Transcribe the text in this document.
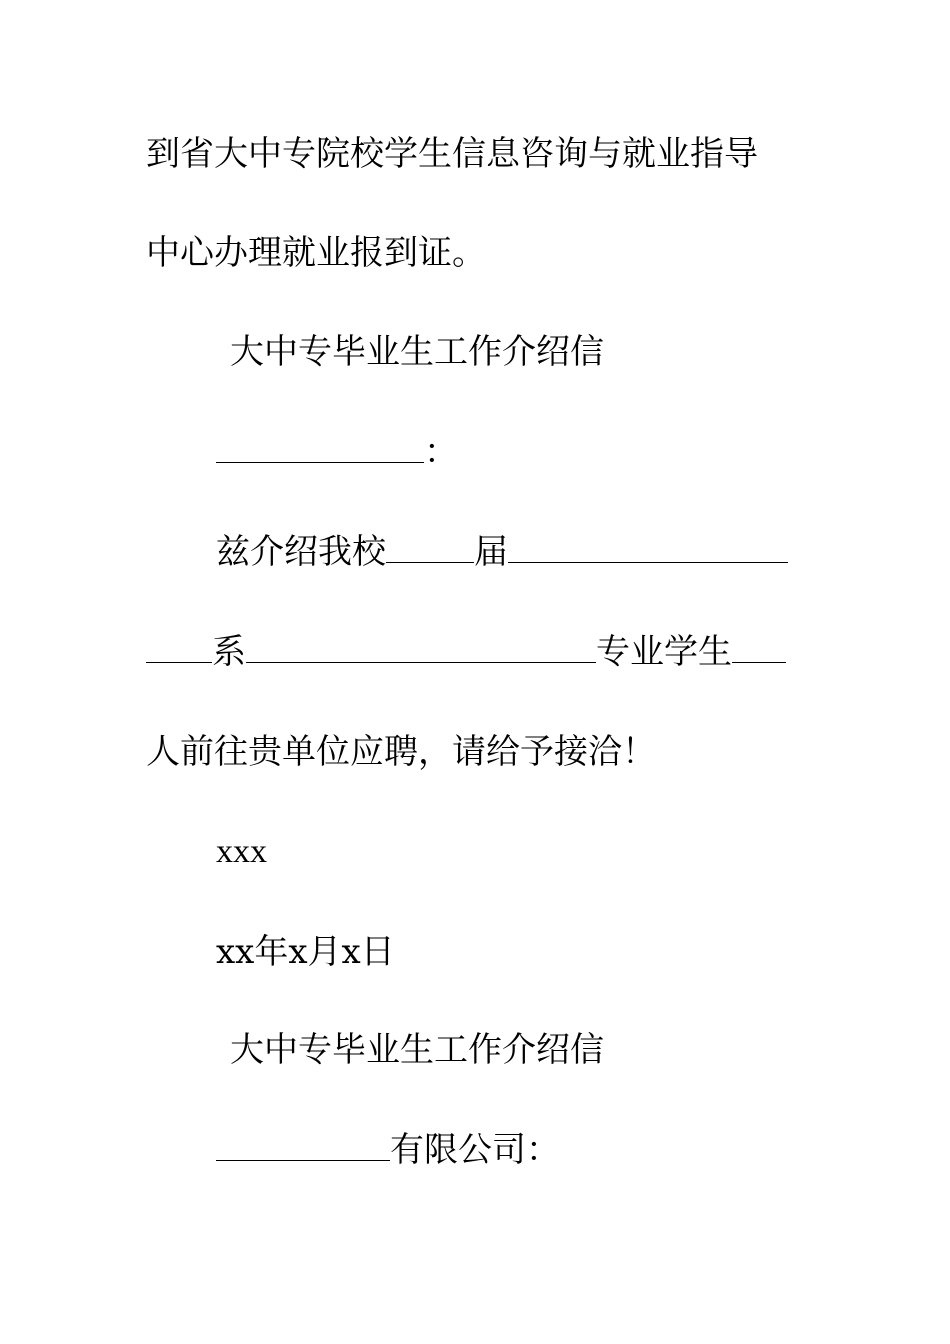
到省大中专院校学生信息咨询与就业指导
中心办理就业报到证。
大中专毕业生工作介绍信
：
兹介绍我校	届
系	专业学生
人前往贵单位应聘，请给予接洽！
xxx
xx年x月x日
大中专毕业生工作介绍信
有限公司：
